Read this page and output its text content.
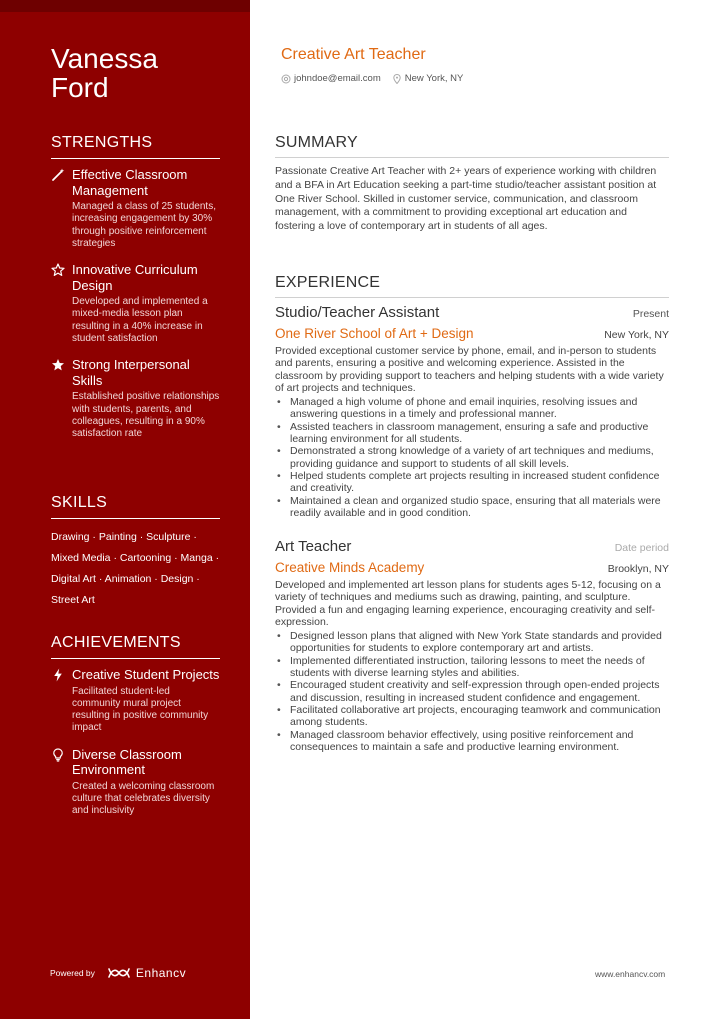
Vanessa
Ford
STRENGTHS
Effective Classroom Management
Managed a class of 25 students, increasing engagement by 30% through positive reinforcement strategies
Innovative Curriculum Design
Developed and implemented a mixed-media lesson plan resulting in a 40% increase in student satisfaction
Strong Interpersonal Skills
Established positive relationships with students, parents, and colleagues, resulting in a 90% satisfaction rate
SKILLS
Drawing · Painting · Sculpture ·
Mixed Media · Cartooning · Manga ·
Digital Art · Animation · Design ·
Street Art
ACHIEVEMENTS
Creative Student Projects
Facilitated student-led community mural project resulting in positive community impact
Diverse Classroom Environment
Created a welcoming classroom culture that celebrates diversity and inclusivity
Powered by	Enhancv
Creative Art Teacher
johndoe@email.com	New York, NY
SUMMARY
Passionate Creative Art Teacher with 2+ years of experience working with children and a BFA in Art Education seeking a part-time studio/teacher assistant position at One River School. Skilled in customer service, communication, and classroom management, with a commitment to providing exceptional art education and fostering a love of contemporary art in students of all ages.
EXPERIENCE
Studio/Teacher Assistant	Present
One River School of Art + Design	New York, NY
Provided exceptional customer service by phone, email, and in-person to students and parents, ensuring a positive and welcoming experience. Assisted in the classroom by providing support to teachers and helping students with a wide variety of art projects and techniques.
• Managed a high volume of phone and email inquiries, resolving issues and answering questions in a timely and professional manner.
• Assisted teachers in classroom management, ensuring a safe and productive learning environment for all students.
• Demonstrated a strong knowledge of a variety of art techniques and mediums, providing guidance and support to students of all skill levels.
• Helped students complete art projects resulting in increased student confidence and creativity.
• Maintained a clean and organized studio space, ensuring that all materials were readily available and in good condition.
Art Teacher	Date period
Creative Minds Academy	Brooklyn, NY
Developed and implemented art lesson plans for students ages 5-12, focusing on a variety of techniques and mediums such as drawing, painting, and sculpture. Provided a fun and engaging learning experience, encouraging creativity and self-expression.
• Designed lesson plans that aligned with New York State standards and provided opportunities for students to explore contemporary art and artists.
• Implemented differentiated instruction, tailoring lessons to meet the needs of students with diverse learning styles and abilities.
• Encouraged student creativity and self-expression through open-ended projects and discussion, resulting in increased student confidence and engagement.
• Facilitated collaborative art projects, encouraging teamwork and communication among students.
• Managed classroom behavior effectively, using positive reinforcement and consequences to maintain a safe and productive learning environment.
www.enhancv.com
